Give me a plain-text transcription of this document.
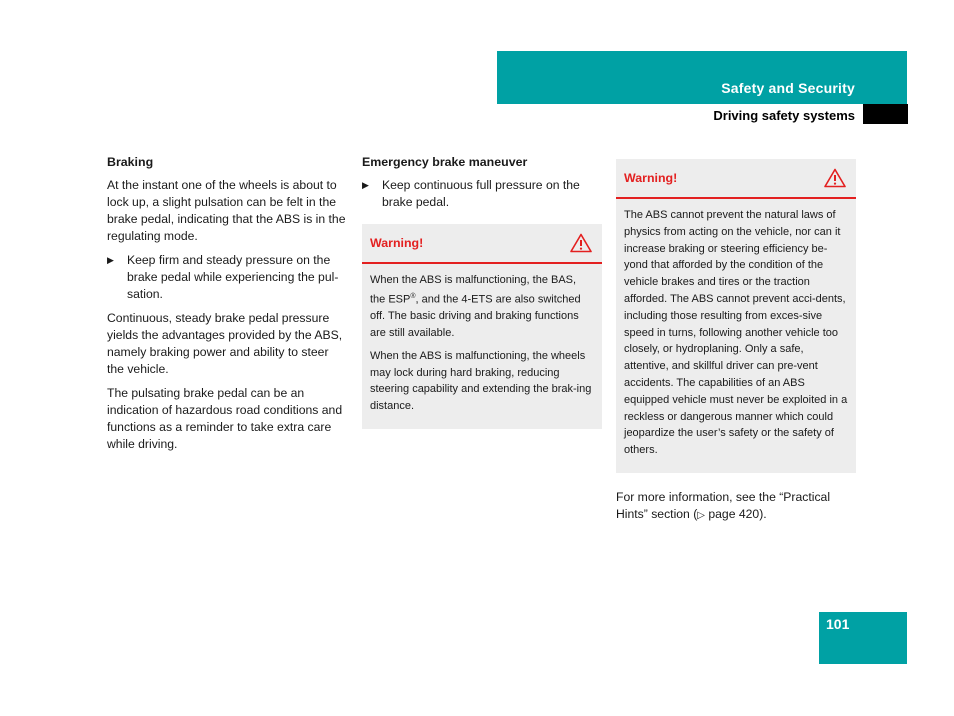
Safety and Security
Driving safety systems
Braking

At the instant one of the wheels is about to lock up, a slight pulsation can be felt in the brake pedal, indicating that the ABS is in the regulating mode.

▶	Keep firm and steady pressure on the brake pedal while experiencing the pul-sation.

Continuous, steady brake pedal pressure yields the advantages provided by the ABS, namely braking power and ability to steer the vehicle.

The pulsating brake pedal can be an indication of hazardous road conditions and functions as a reminder to take extra care while driving.

Emergency brake maneuver
▶	Keep continuous full pressure on the brake pedal.
Warning!

When the ABS is malfunctioning, the BAS, the ESP®, and the 4-ETS are also switched off. The basic driving and braking functions are still available.

When the ABS is malfunctioning, the wheels may lock during hard braking, reducing steering capability and extending the brak-ing distance.

Warning!

The ABS cannot prevent the natural laws of physics from acting on the vehicle, nor can it increase braking or steering efficiency be-yond that afforded by the condition of the vehicle brakes and tires or the traction afforded. The ABS cannot prevent acci-dents, including those resulting from exces-sive speed in turns, following another vehicle too closely, or hydroplaning. Only a safe, attentive, and skillful driver can pre-vent accidents. The capabilities of an ABS equipped vehicle must never be exploited in a reckless or dangerous manner which could jeopardize the user’s safety or the safety of others.

For more information, see the “Practical Hints” section (▷ page 420).

101
